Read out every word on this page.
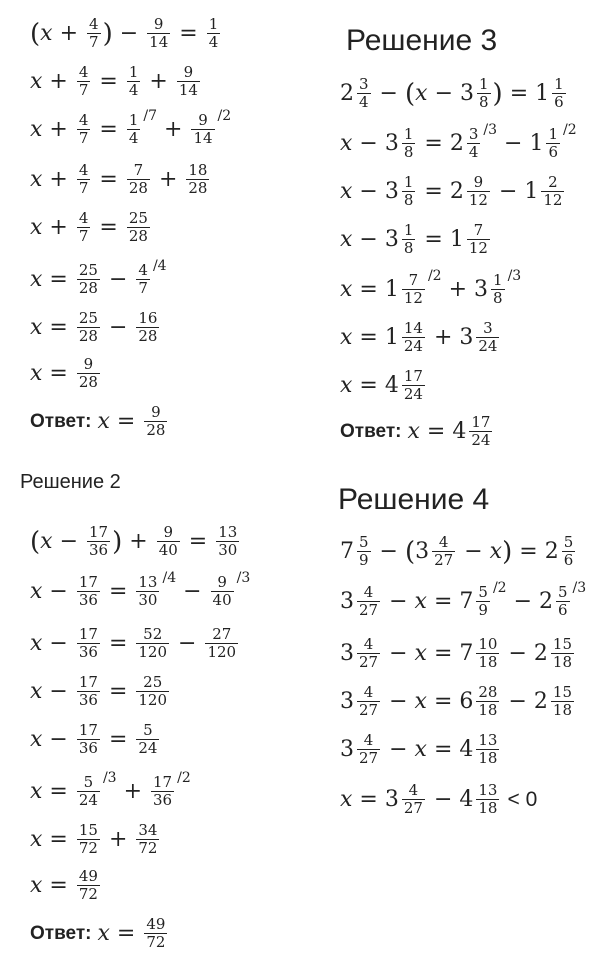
( $x + \frac{4}{7}$ ) − $\frac{9}{14} = \frac{1}{4}$
$x + \frac{4}{7} = \frac{1}{4} + \frac{9}{14}$
$x + \frac{4}{7} = \frac{1}{4} /7$
+ $\frac{9}{14} /2$
$x + \frac{4}{7} = \frac{7}{28} + \frac{18}{28}$
$x + \frac{4}{7} = \frac{25}{28}$
$x = \frac{25}{28} - \frac{4}{7} /4$
$x = \frac{25}{28} - \frac{16}{28}$
$x = \frac{9}{28}$
Ответ: $x = \frac{9}{28}$
Решение 2
( $x - \frac{17}{36}$ ) + $\frac{9}{40} = \frac{13}{30}$
$x - \frac{17}{36} = \frac{13}{30} /4$
− $\frac{9}{40} /3$
$x - \frac{17}{36} = \frac{52}{120} - \frac{27}{120}$
$x - \frac{17}{36} = \frac{25}{120}$
$x - \frac{17}{36} = \frac{5}{24}$
$x = \frac{5}{24} /3$
+ $\frac{17}{36} /2$
$x = \frac{15}{72} + \frac{34}{72}$
$x = \frac{49}{72}$
Ответ: $x = \frac{49}{72}$
Решение 3
$2 \frac{3}{4}$ − ( $x - 3 \frac{1}{8}$ ) = $1 \frac{1}{6}$
$x - 3 \frac{1}{8} = 2 \frac{3}{4} /3$
− $1 \frac{1}{6} /2$
$x - 3 \frac{1}{8} = 2 \frac{9}{12} - 1 \frac{2}{12}$
$x - 3 \frac{1}{8} = 1 \frac{7}{12}$
$x = 1 \frac{7}{12} /2$
+ $3 \frac{1}{8} /3$
$x = 1 \frac{14}{24} + 3 \frac{3}{24}$
$x = 4 \frac{17}{24}$
Ответ: $x = 4 \frac{17}{24}$
Решение 4
$7 \frac{5}{9}$ − ( $3 \frac{4}{27} - x$ ) = $2 \frac{5}{6}$
$3 \frac{4}{27} - x = 7 \frac{5}{9} /2$
− $2 \frac{5}{6} /3$
$3 \frac{4}{27} - x = 7 \frac{10}{18} - 2 \frac{15}{18}$
$3 \frac{4}{27} - x = 6 \frac{28}{18} - 2 \frac{15}{18}$
$3 \frac{4}{27} - x = 4 \frac{13}{18}$
$x = 3 \frac{4}{27} - 4 \frac{13}{18} < 0$
